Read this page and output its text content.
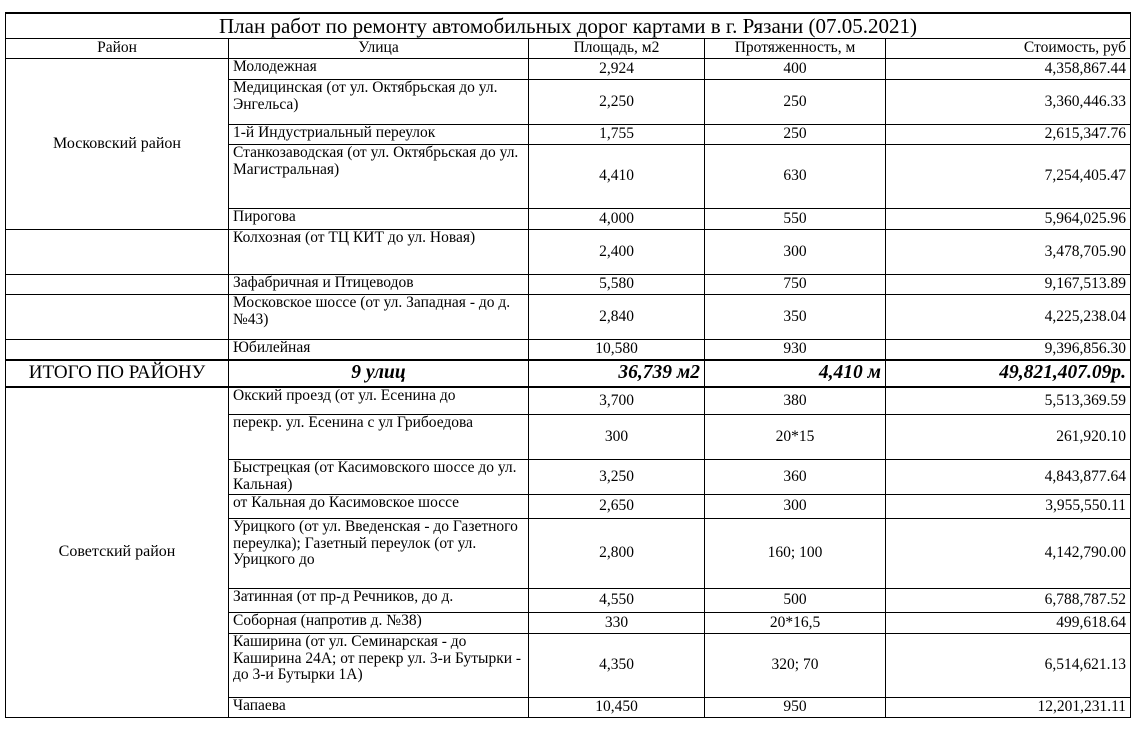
План работ по ремонту автомобильных дорог картами в г. Рязани (07.05.2021)				
Район	Улица	Площадь, м2	Протяженность, м	Стоимость, руб
Московский район	Молодежная	2,924	400	4,358,867.44
	Медицинская (от ул. Октябрьская до ул. Энгельса)	2,250	250	3,360,446.33
	1-й Индустриальный переулок	1,755	250	2,615,347.76
	Станкозаводская (от ул. Октябрьская до ул. Магистральная)	4,410	630	7,254,405.47
	Пирогова	4,000	550	5,964,025.96
	Колхозная (от ТЦ КИТ до ул. Новая)	2,400	300	3,478,705.90
	Зафабричная и Птицеводов	5,580	750	9,167,513.89
	Московское шоссе (от ул. Западная - до д. №43)	2,840	350	4,225,238.04
	Юбилейная	10,580	930	9,396,856.30
ИТОГО ПО РАЙОНУ	9 улиц	36,739 м2	4,410 м	49,821,407.09р.
Советский район	Окский проезд (от ул. Есенина до	3,700	380	5,513,369.59

	перекр. ул. Есенина с ул Грибоедова	300	20*15	261,920.10

	Быстрецкая (от Касимовского шоссе до ул. Кальная)	3,250	360	4,843,877.64

	от Кальная до Касимовское шоссе	2,650	300	3,955,550.11

	Урицкого (от ул. Введенская - до Газетного переулка); Газетный переулок (от ул. Урицкого до	2,800	160; 100	4,142,790.00

	Затинная (от пр-д Речников, до д.	4,550	500	6,788,787.52

	Соборная (напротив д. №38)	330	20*16,5	499,618.64

	Каширина (от ул. Семинарская - до Каширина 24А; от перекр ул. 3-и Бутырки - до 3-и Бутырки 1А)	4,350	320; 70	6,514,621.13

	Чапаева	10,450	950	12,201,231.11
